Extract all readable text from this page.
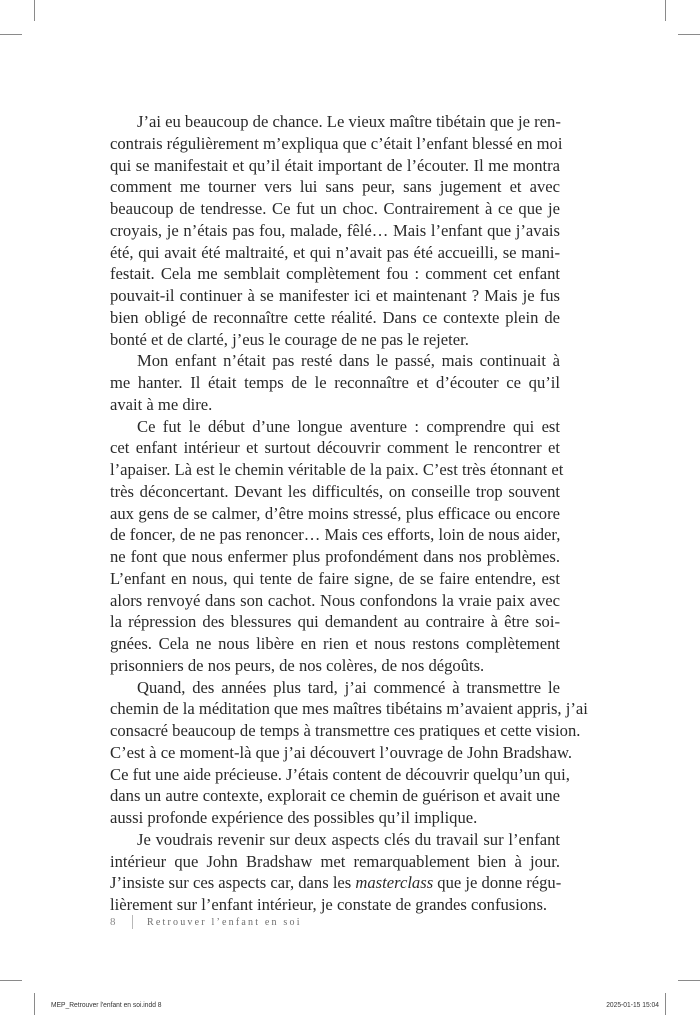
J’ai eu beaucoup de chance. Le vieux maître tibétain que je ren-
contrais régulièrement m’expliqua que c’était l’enfant blessé en moi
qui se manifestait et qu’il était important de l’écouter. Il me montra
comment me tourner vers lui sans peur, sans jugement et avec
beaucoup de tendresse. Ce fut un choc. Contrairement à ce que je
croyais, je n’étais pas fou, malade, fêlé… Mais l’enfant que j’avais
été, qui avait été maltraité, et qui n’avait pas été accueilli, se mani-
festait. Cela me semblait complètement fou : comment cet enfant
pouvait-il continuer à se manifester ici et maintenant ? Mais je fus
bien obligé de reconnaître cette réalité. Dans ce contexte plein de
bonté et de clarté, j’eus le courage de ne pas le rejeter.

Mon enfant n’était pas resté dans le passé, mais continuait à
me hanter. Il était temps de le reconnaître et d’écouter ce qu’il
avait à me dire.

Ce fut le début d’une longue aventure : comprendre qui est
cet enfant intérieur et surtout découvrir comment le rencontrer et
l’apaiser. Là est le chemin véritable de la paix. C’est très étonnant et
très déconcertant. Devant les difficultés, on conseille trop souvent
aux gens de se calmer, d’être moins stressé, plus efficace ou encore
de foncer, de ne pas renoncer… Mais ces efforts, loin de nous aider,
ne font que nous enfermer plus profondément dans nos problèmes.
L’enfant en nous, qui tente de faire signe, de se faire entendre, est
alors renvoyé dans son cachot. Nous confondons la vraie paix avec
la répression des blessures qui demandent au contraire à être soi-
gnées. Cela ne nous libère en rien et nous restons complètement
prisonniers de nos peurs, de nos colères, de nos dégoûts.

Quand, des années plus tard, j’ai commencé à transmettre le
chemin de la méditation que mes maîtres tibétains m’avaient appris, j’ai
consacré beaucoup de temps à transmettre ces pratiques et cette vision.
C’est à ce moment-là que j’ai découvert l’ouvrage de John Bradshaw.
Ce fut une aide précieuse. J’étais content de découvrir quelqu’un qui,
dans un autre contexte, explorait ce chemin de guérison et avait une
aussi profonde expérience des possibles qu’il implique.

Je voudrais revenir sur deux aspects clés du travail sur l’enfant
intérieur que John Bradshaw met remarquablement bien à jour.
J’insiste sur ces aspects car, dans les masterclass que je donne régu-
lièrement sur l’enfant intérieur, je constate de grandes confusions.

8	Retrouver l’enfant en soi
MEP_Retrouver l'enfant en soi.indd 8	2025-01-15 15:04
